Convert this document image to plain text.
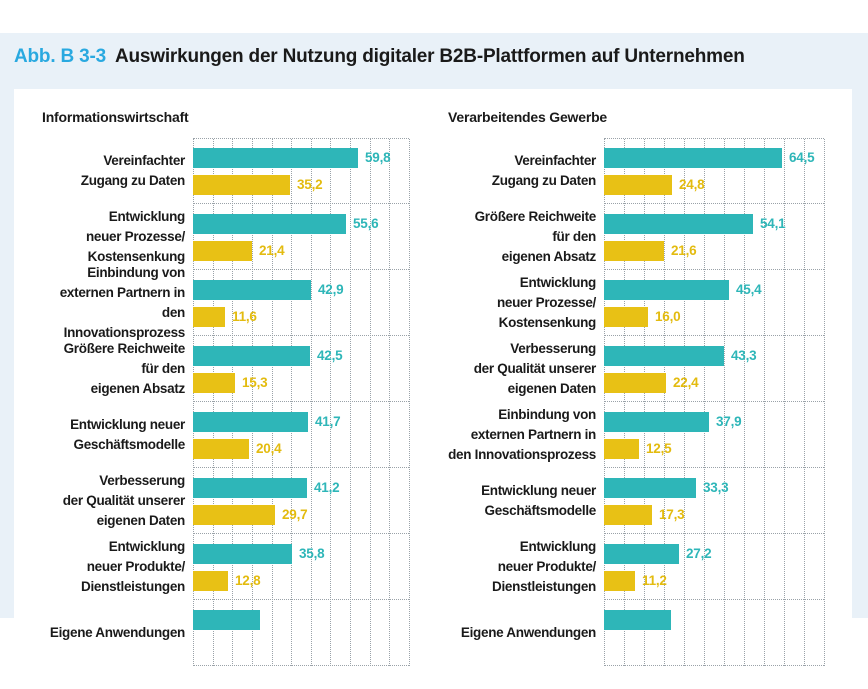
Abb. B 3-3 Auswirkungen der Nutzung digitaler B2B-Plattformen auf Unternehmen
Informationswirtschaft
Vereinfachter
Zugang zu Daten
59,8
35,2
Entwicklung
neuer Prozesse/
Kostensenkung
55,6
21,4
Einbindung von
externen Partnern in
den Innovationsprozess
42,9
11,6
Größere Reichweite
für den
eigenen Absatz
42,5
15,3
Entwicklung neuer
Geschäftsmodelle
41,7
20,4
Verbesserung
der Qualität unserer
eigenen Daten
41,2
29,7
Entwicklung
neuer Produkte/
Dienstleistungen
35,8
12,8
Eigene Anwendungen
Verarbeitendes Gewerbe
Vereinfachter
Zugang zu Daten
64,5
24,8
Größere Reichweite
für den
eigenen Absatz
54,1
21,6
Entwicklung
neuer Prozesse/
Kostensenkung
45,4
16,0
Verbesserung
der Qualität unserer
eigenen Daten
43,3
22,4
Einbindung von
externen Partnern in
den Innovationsprozess
37,9
12,5
Entwicklung neuer
Geschäftsmodelle
33,3
17,3
Entwicklung
neuer Produkte/
Dienstleistungen
27,2
11,2
Eigene Anwendungen
